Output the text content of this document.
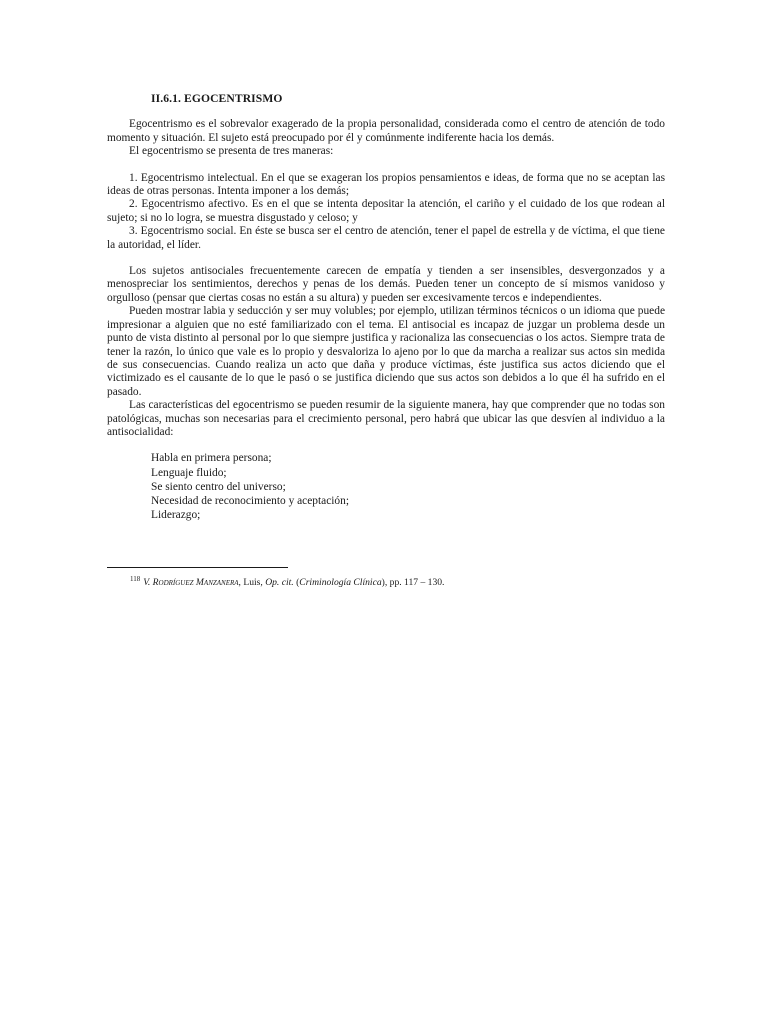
II.6.1. EGOCENTRISMO

Egocentrismo es el sobrevalor exagerado de la propia personalidad, considerada como el centro de atención de todo momento y situación. El sujeto está preocupado por él y comúnmente indiferente hacia los demás.

El egocentrismo se presenta de tres maneras:

1. Egocentrismo intelectual. En el que se exageran los propios pensamientos e ideas, de forma que no se aceptan las ideas de otras personas. Intenta imponer a los demás;

2. Egocentrismo afectivo. Es en el que se intenta depositar la atención, el cariño y el cuidado de los que rodean al sujeto; si no lo logra, se muestra disgustado y celoso; y

3. Egocentrismo social. En éste se busca ser el centro de atención, tener el papel de estrella y de víctima, el que tiene la autoridad, el líder.

Los sujetos antisociales frecuentemente carecen de empatía y tienden a ser insensibles, desvergonzados y a menospreciar los sentimientos, derechos y penas de los demás. Pueden tener un concepto de sí mismos vanidoso y orgulloso (pensar que ciertas cosas no están a su altura) y pueden ser excesivamente tercos e independientes.

Pueden mostrar labia y seducción y ser muy volubles; por ejemplo, utilizan términos técnicos o un idioma que puede impresionar a alguien que no esté familiarizado con el tema. El antisocial es incapaz de juzgar un problema desde un punto de vista distinto al personal por lo que siempre justifica y racionaliza las consecuencias o los actos. Siempre trata de tener la razón, lo único que vale es lo propio y desvaloriza lo ajeno por lo que da marcha a realizar sus actos sin medida de sus consecuencias. Cuando realiza un acto que daña y produce víctimas, éste justifica sus actos diciendo que el victimizado es el causante de lo que le pasó o se justifica diciendo que sus actos son debidos a lo que él ha sufrido en el pasado.

Las características del egocentrismo se pueden resumir de la siguiente manera, hay que comprender que no todas son patológicas, muchas son necesarias para el crecimiento personal, pero habrá que ubicar las que desvíen al individuo a la antisocialidad:

Habla en primera persona;
Lenguaje fluido;
Se siento centro del universo;
Necesidad de reconocimiento y aceptación;
Liderazgo;
$^{118}$ V. Rodríguez Manzanera, Luis, Op. cit. (Criminología Clínica), pp. 117 – 130.
